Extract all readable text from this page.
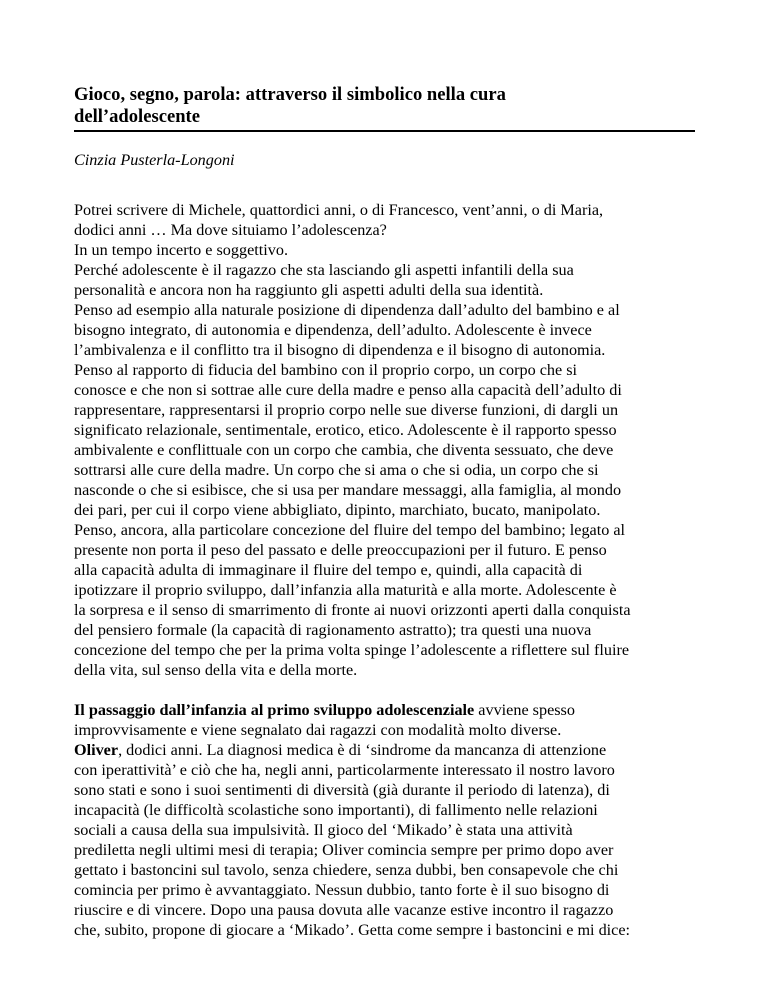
Gioco, segno, parola: attraverso il simbolico nella cura
dell’adolescente

Cinzia Pusterla-Longoni

Potrei scrivere di Michele, quattordici anni, o di Francesco, vent’anni, o di Maria,
dodici anni … Ma dove situiamo l’adolescenza?
In un tempo incerto e soggettivo.
Perché adolescente è il ragazzo che sta lasciando gli aspetti infantili della sua
personalità e ancora non ha raggiunto gli aspetti adulti della sua identità.
Penso ad esempio alla naturale posizione di dipendenza dall’adulto del bambino e al
bisogno integrato, di autonomia e dipendenza, dell’adulto. Adolescente è invece
l’ambivalenza e il conflitto tra il bisogno di dipendenza e il bisogno di autonomia.
Penso al rapporto di fiducia del bambino con il proprio corpo, un corpo che si
conosce e che non si sottrae alle cure della madre e penso alla capacità dell’adulto di
rappresentare, rappresentarsi il proprio corpo nelle sue diverse funzioni, di dargli un
significato relazionale, sentimentale, erotico, etico. Adolescente è il rapporto spesso
ambivalente e conflittuale con un corpo che cambia, che diventa sessuato, che deve
sottrarsi alle cure della madre. Un corpo che si ama o che si odia, un corpo che si
nasconde o che si esibisce, che si usa per mandare messaggi, alla famiglia, al mondo
dei pari, per cui il corpo viene abbigliato, dipinto, marchiato, bucato, manipolato.
Penso, ancora, alla particolare concezione del fluire del tempo del bambino; legato al
presente non porta il peso del passato e delle preoccupazioni per il futuro. E penso
alla capacità adulta di immaginare il fluire del tempo e, quindi, alla capacità di
ipotizzare il proprio sviluppo, dall’infanzia alla maturità e alla morte. Adolescente è
la sorpresa e il senso di smarrimento di fronte ai nuovi orizzonti aperti dalla conquista
del pensiero formale (la capacità di ragionamento astratto); tra questi una nuova
concezione del tempo che per la prima volta spinge l’adolescente a riflettere sul fluire
della vita, sul senso della vita e della morte.
Il passaggio dall’infanzia al primo sviluppo adolescenziale avviene spesso
improvvisamente e viene segnalato dai ragazzi con modalità molto diverse.
Oliver, dodici anni. La diagnosi medica è di ‘sindrome da mancanza di attenzione
con iperattività’ e ciò che ha, negli anni, particolarmente interessato il nostro lavoro
sono stati e sono i suoi sentimenti di diversità (già durante il periodo di latenza), di
incapacità (le difficoltà scolastiche sono importanti), di fallimento nelle relazioni
sociali a causa della sua impulsività. Il gioco del ‘Mikado’ è stata una attività
prediletta negli ultimi mesi di terapia; Oliver comincia sempre per primo dopo aver
gettato i bastoncini sul tavolo, senza chiedere, senza dubbi, ben consapevole che chi
comincia per primo è avvantaggiato. Nessun dubbio, tanto forte è il suo bisogno di
riuscire e di vincere. Dopo una pausa dovuta alle vacanze estive incontro il ragazzo
che, subito, propone di giocare a ‘Mikado’. Getta come sempre i bastoncini e mi dice:
